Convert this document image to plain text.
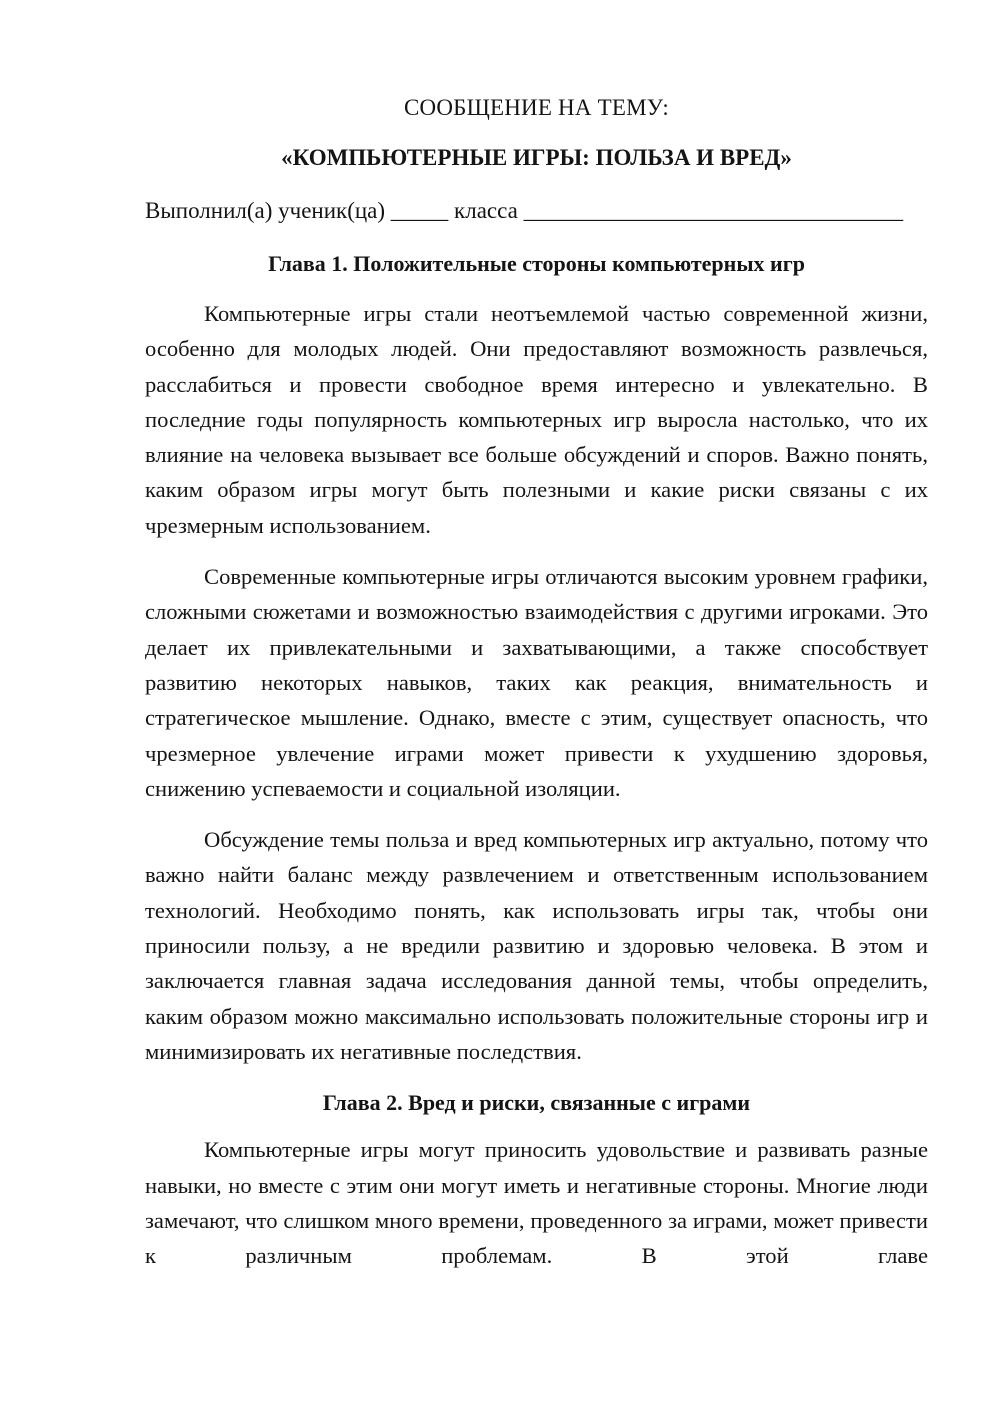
СООБЩЕНИЕ НА ТЕМУ:

«КОМПЬЮТЕРНЫЕ ИГРЫ: ПОЛЬЗА И ВРЕД»

Выполнил(а) ученик(ца) _____ класса _________________________________

Глава 1. Положительные стороны компьютерных игр

Компьютерные игры стали неотъемлемой частью современной жизни, особенно для молодых людей. Они предоставляют возможность развлечься, расслабиться и провести свободное время интересно и увлекательно. В последние годы популярность компьютерных игр выросла настолько, что их влияние на человека вызывает все больше обсуждений и споров. Важно понять, каким образом игры могут быть полезными и какие риски связаны с их чрезмерным использованием.

Современные компьютерные игры отличаются высоким уровнем графики, сложными сюжетами и возможностью взаимодействия с другими игроками. Это делает их привлекательными и захватывающими, а также способствует развитию некоторых навыков, таких как реакция, внимательность и стратегическое мышление. Однако, вместе с этим, существует опасность, что чрезмерное увлечение играми может привести к ухудшению здоровья, снижению успеваемости и социальной изоляции.

Обсуждение темы польза и вред компьютерных игр актуально, потому что важно найти баланс между развлечением и ответственным использованием технологий. Необходимо понять, как использовать игры так, чтобы они приносили пользу, а не вредили развитию и здоровью человека. В этом и заключается главная задача исследования данной темы, чтобы определить, каким образом можно максимально использовать положительные стороны игр и минимизировать их негативные последствия.

Глава 2. Вред и риски, связанные с играми

Компьютерные игры могут приносить удовольствие и развивать разные навыки, но вместе с этим они могут иметь и негативные стороны. Многие люди замечают, что слишком много времени, проведенного за играми, может привести к различным проблемам. В этой главе
